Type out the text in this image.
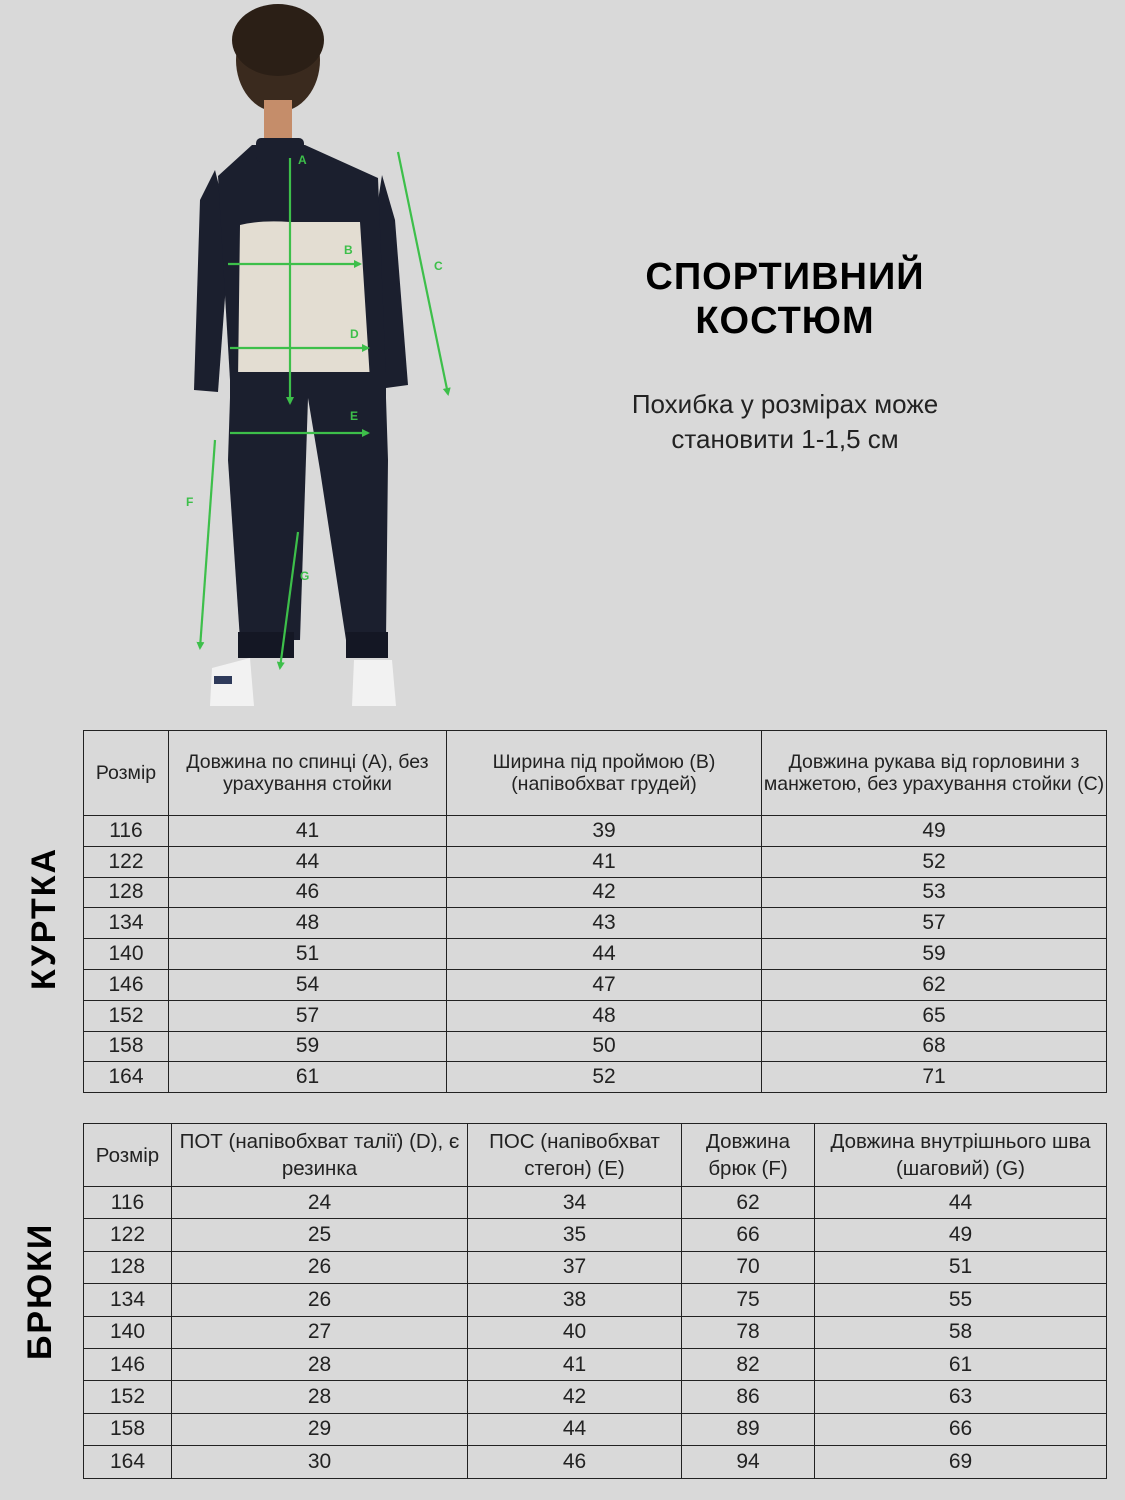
A
B
C
D
E
F
G
СПОРТИВНИЙ
КОСТЮМ
Похибка у розмірах може
становити 1-1,5 см
КУРТКА
БРЮКИ
Розмір	Довжина по спинці (А), без урахування стойки	Ширина під проймою (В) (напівобхват грудей)	Довжина рукава від горловини з манжетою, без урахування стойки (С)
116	41	39	49
122	44	41	52
128	46	42	53
134	48	43	57
140	51	44	59
146	54	47	62
152	57	48	65
158	59	50	68
164	61	52	71
Розмір	ПОТ (напівобхват талії) (D), є резинка	ПОС (напівобхват стегон) (Е)	Довжина брюк (F)	Довжина внутрішнього шва (шаговий) (G)
116	24	34	62	44
122	25	35	66	49
128	26	37	70	51
134	26	38	75	55
140	27	40	78	58
146	28	41	82	61
152	28	42	86	63
158	29	44	89	66
164	30	46	94	69
